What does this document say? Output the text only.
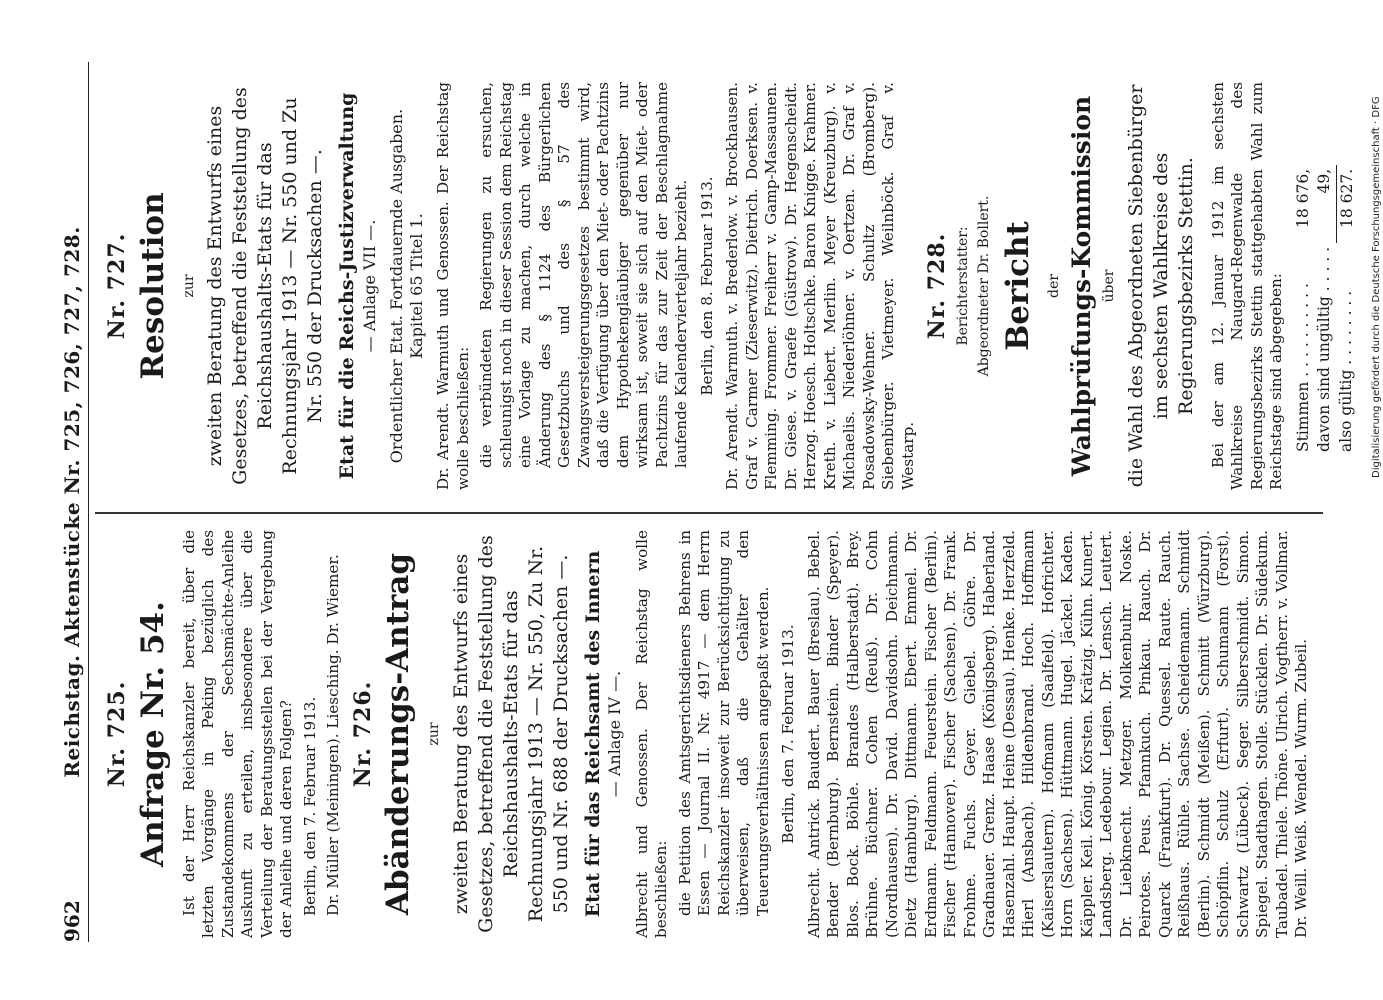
962
Reichstag. Aktenstücke Nr. 725, 726, 727, 728. Nr. 725. Anfrage Nr. 54. Ist der Herr Reichskanzler bereit, über die letzten Vorgänge in Peking bezüglich des Zustandekommens der Sechsmächte-Anleihe Auskunft zu erteilen, insbesondere über die Verteilung der Beratungsstellen bei der Vergebung der Anleihe und deren Folgen? Berlin, den 7. Februar 1913. Dr. Müller (Meiningen). Liesching. Dr. Wiemer. Nr. 726. Abänderungs-Antrag zur zweiten Beratung des Entwurfs eines Gesetzes, betreffend die Feststellung des Reichshaushalts-Etats für das Rechnungsjahr 1913 — Nr. 550, Zu Nr. 550 und Nr. 688 der Drucksachen —. Etat für das Reichsamt des Innern — Anlage IV —. Albrecht und Genossen. Der Reichstag wolle beschließen: die Petition des Amtsgerichtsdieners Behrens in Essen — Journal II. Nr. 4917 — dem Herrn Reichskanzler insoweit zur Berücksichtigung zu überweisen, daß die Gehälter den Teuerungsverhältnissen angepaßt werden. Berlin, den 7. Februar 1913. Albrecht. Antrick. Baudert. Bauer (Breslau). Bebel. Bender (Bernburg). Bernstein. Binder (Speyer). Blos. Bock. Böhle. Brandes (Halberstadt). Brey. Brühne. Büchner. Cohen (Reuß). Dr. Cohn (Nordhausen). Dr. David. Davidsohn. Deichmann. Dietz (Hamburg). Dittmann. Ebert. Emmel. Dr. Erdmann. Feldmann. Feuerstein. Fischer (Berlin). Fischer (Hannover). Fischer (Sachsen). Dr. Frank. Frohme. Fuchs. Geyer. Giebel. Göhre. Dr. Gradnauer. Grenz. Haase (Königsberg). Haberland. Hasenzahl. Haupt. Heine (Dessau). Henke. Herzfeld. Hierl (Ansbach). Hildenbrand. Hoch. Hoffmann (Kaiserslautern). Hofmann (Saalfeld). Hofrichter. Horn (Sachsen). Hüttmann. Hugel. Jäckel. Kaden. Käppler. Keil. König. Körsten. Krätzig. Kühn. Kunert. Landsberg. Ledebour. Legien. Dr. Lensch. Leutert. Dr. Liebknecht. Metzger. Molkenbuhr. Noske. Peirotes. Peus. Pfannkuch. Pinkau. Rauch. Dr. Quarck (Frankfurt). Dr. Quessel. Raute. Rauch. Reißhaus. Rühle. Sachse. Scheidemann. Schmidt (Berlin). Schmidt (Meißen). Schmitt (Würzburg). Schöpflin. Schulz (Erfurt). Schumann (Forst). Schwartz (Lübeck). Seger. Silberschmidt. Simon. Spiegel. Stadthagen. Stolle. Stücklen. Dr. Südekum. Taubadel. Thiele. Thöne. Ulrich. Vogtherr. v. Vollmar. Dr. Weill. Weiß. Wendel. Wurm. Zubeil.

Nr. 727. Resolution zur zweiten Beratung des Entwurfs eines Gesetzes, betreffend die Feststellung des Reichshaushalts-Etats für das Rechnungsjahr 1913 — Nr. 550 und Zu Nr. 550 der Drucksachen —. Etat für die Reichs-Justizverwaltung — Anlage VII —. Ordentlicher Etat. Fortdauernde Ausgaben. Kapitel 65 Titel 1. Dr. Arendt. Warmuth und Genossen. Der Reichstag wolle beschließen: die verbündeten Regierungen zu ersuchen, schleunigst noch in dieser Session dem Reichstag eine Vorlage zu machen, durch welche in Änderung des § 1124 des Bürgerlichen Gesetzbuchs und des § 57 des Zwangsversteigerungsgesetzes bestimmt wird, daß die Verfügung über den Miet- oder Pachtzins dem Hypothekengläubiger gegenüber nur wirksam ist, soweit sie sich auf den Miet- oder Pachtzins für das zur Zeit der Beschlagnahme laufende Kalendervierteljahr bezieht. Berlin, den 8. Februar 1913. Dr. Arendt. Warmuth. v. Brederlow. v. Brockhausen. Graf v. Carmer (Zieserwitz). Dietrich. Doerksen. v. Flemming. Frommer. Freiherr v. Gamp-Massaunen. Dr. Giese. v. Graefe (Güstrow). Dr. Hegenscheidt. Herzog. Hoesch. Holtschke. Baron Knigge. Krahmer. Kreth. v. Liebert. Merlin. Meyer (Kreuzburg). v. Michaelis. Niederlöhner. v. Oertzen. Dr. Graf v. Posadowsky-Wehner. Schultz (Bromberg). Siebenbürger. Vietmeyer. Weilnböck. Graf v. Westarp.

Nr. 728. Berichterstatter: Abgeordneter Dr. Bollert. Bericht der Wahlprüfungs-Kommission über die Wahl des Abgeordneten Siebenbürger im sechsten Wahlkreise des Regierungsbezirks Stettin. Bei der am 12. Januar 1912 im sechsten Wahlkreise Naugard-Regenwalde des Regierungsbezirks Stettin stattgehabten Wahl zum Reichstage sind abgegeben: Stimmen . . . . . . . . . .	18 676,
davon sind ungültig . . . . .	49,
also gültig . . . . . . . .	18 627. Digitalisierung gefördert durch die Deutsche Forschungsgemeinschaft · DFG
